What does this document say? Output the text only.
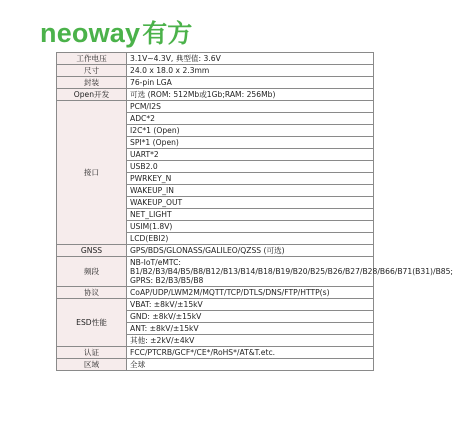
neoway 有方
工作电压	3.1V~4.3V, 典型值: 3.6V
尺寸	24.0 x 18.0 x 2.3mm
封装	76-pin LGA
Open开发	可选 (ROM: 512Mb或1Gb;RAM: 256Mb)
接口	PCM/I2S
	ADC*2
	I2C*1 (Open)
	SPI*1 (Open)
	UART*2
	USB2.0
	PWRKEY_N
	WAKEUP_IN
	WAKEUP_OUT
	NET_LIGHT
	USIM(1.8V)
	LCD(EBI2)
GNSS	GPS/BDS/GLONASS/GALILEO/QZSS (可选)
频段	NB-IoT/eMTC: B1/B2/B3/B4/B5/B8/B12/B13/B14/B18/B19/B20/B25/B26/B27/B28/B66/B71(B31)/B85; GPRS: B2/B3/B5/B8
协议	CoAP/UDP/LWM2M/MQTT/TCP/DTLS/DNS/FTP/HTTP(s)
ESD性能	VBAT: ±8kV/±15kV
	GND: ±8kV/±15kV
	ANT: ±8kV/±15kV
	其他: ±2kV/±4kV
认证	FCC/PTCRB/GCF*/CE*/RoHS*/AT&T.etc.
区域	全球
